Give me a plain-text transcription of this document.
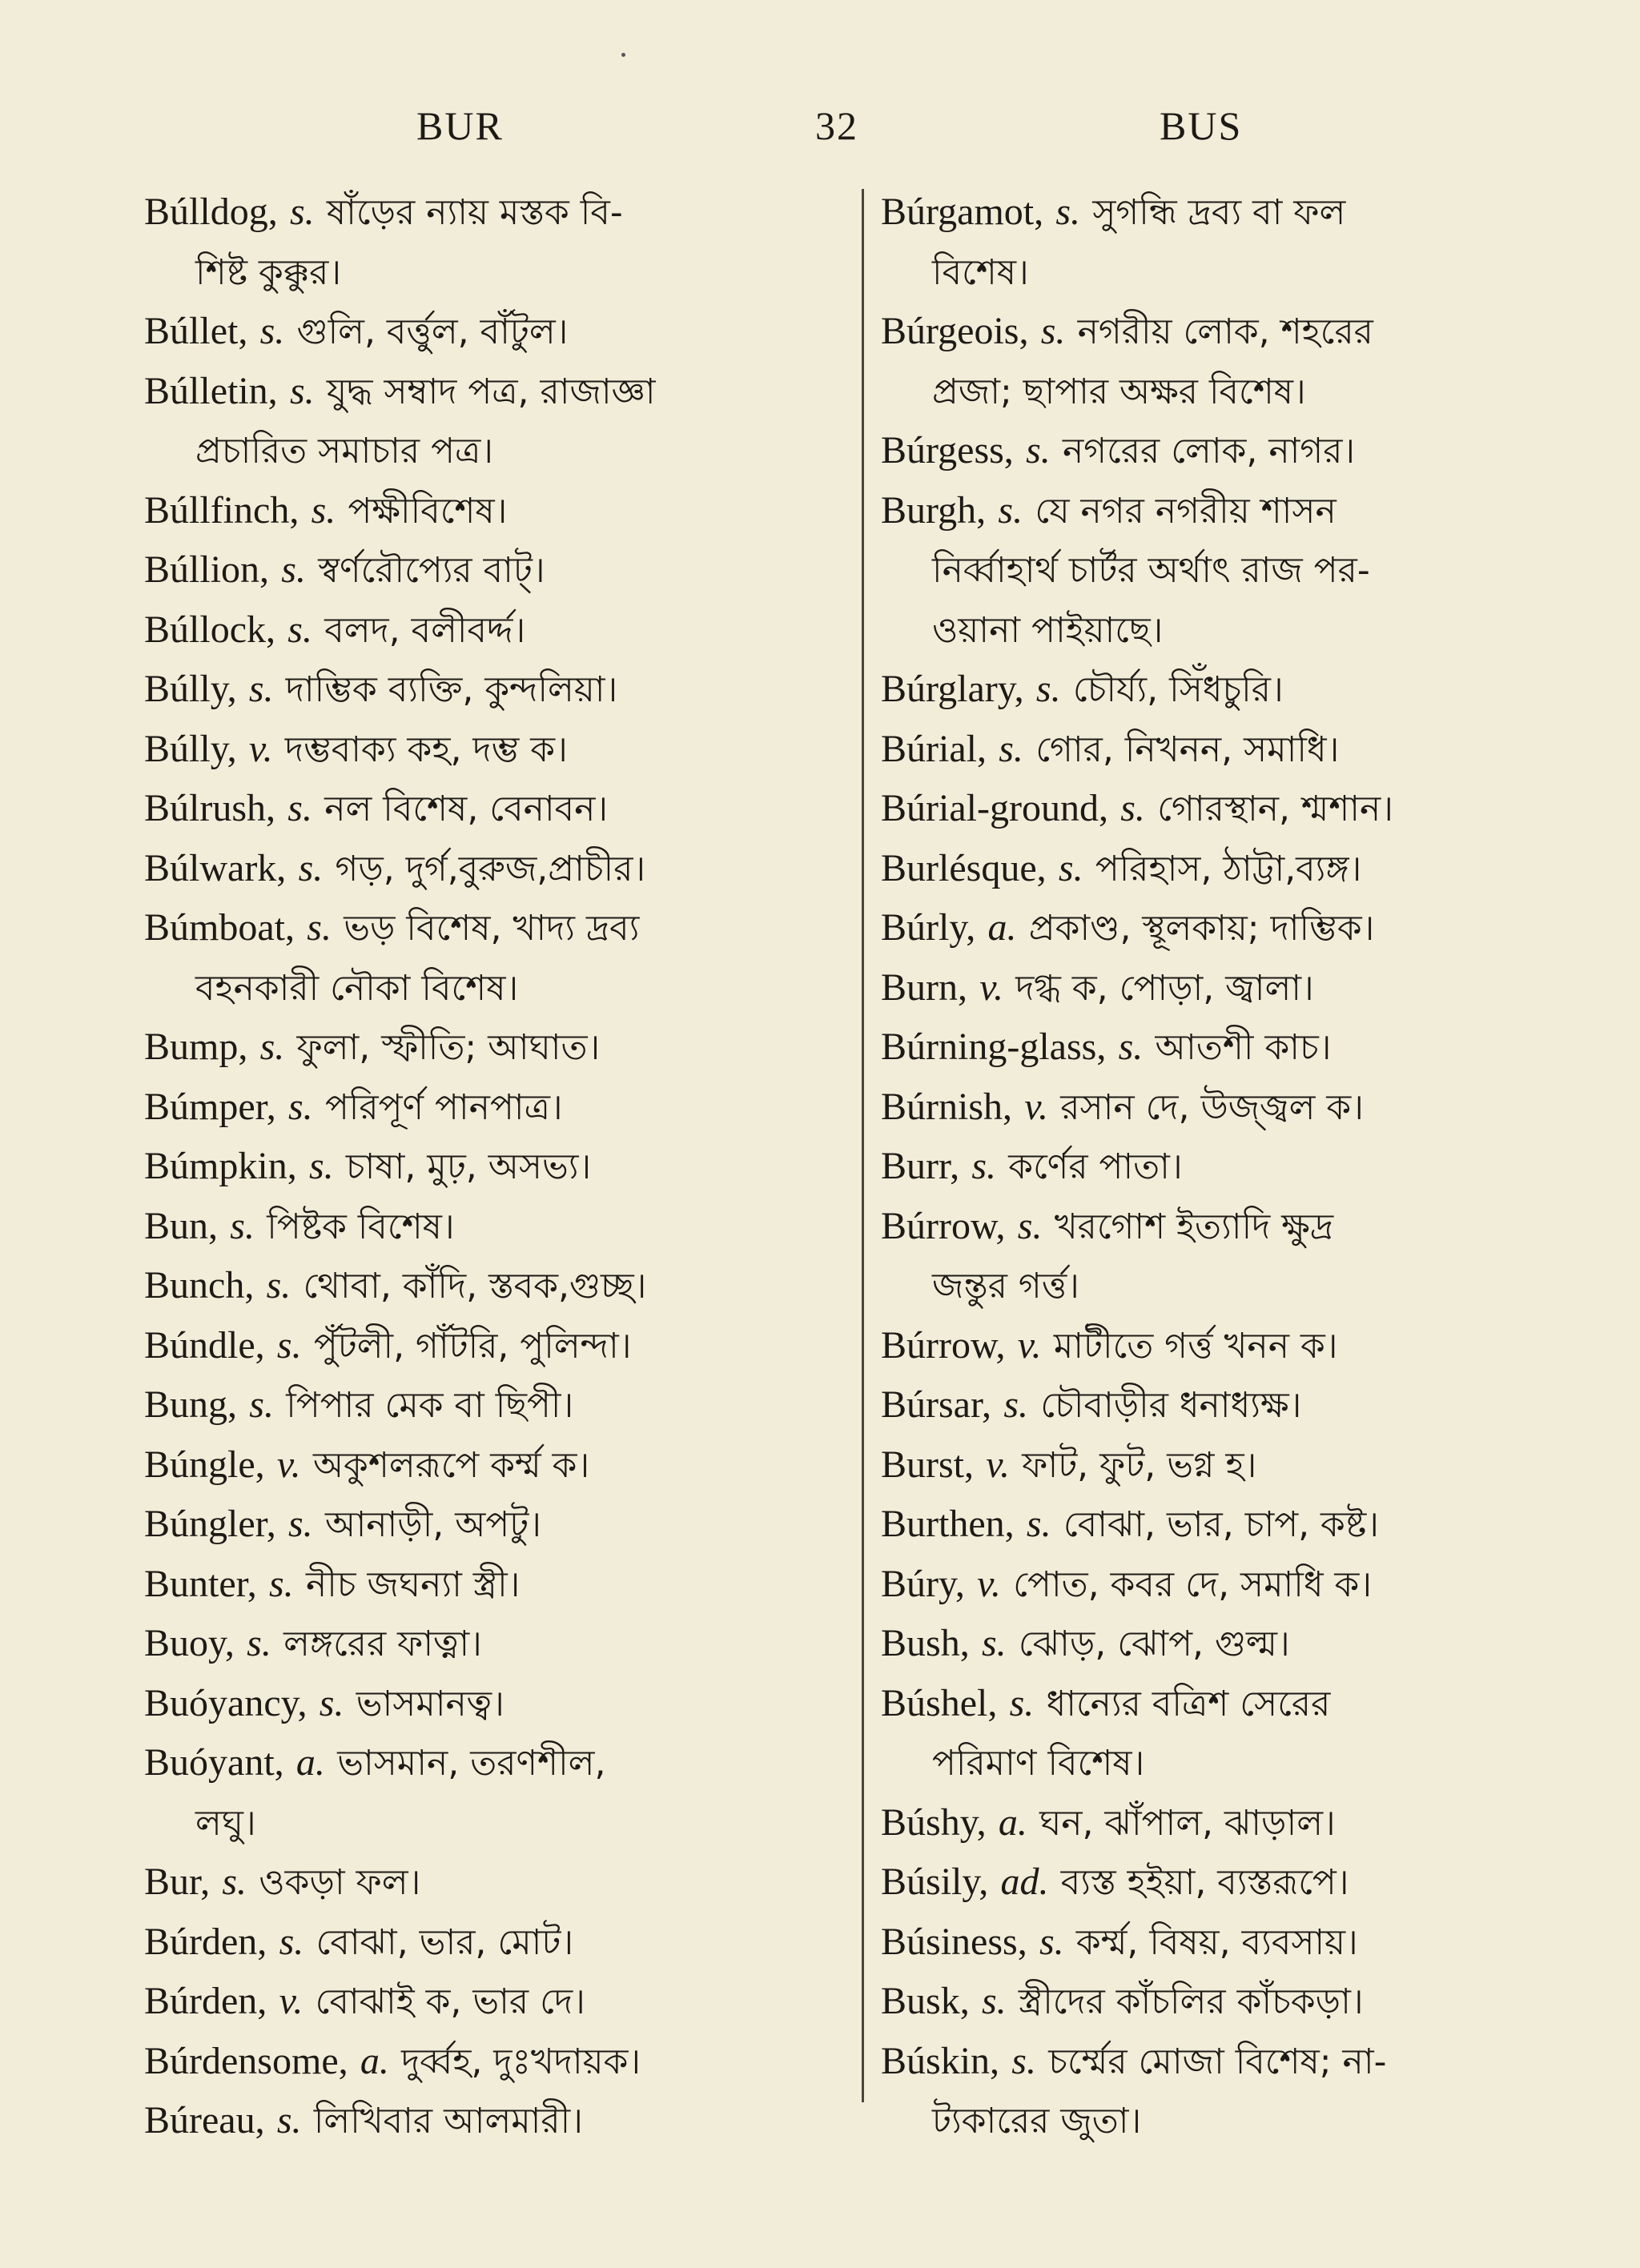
BUR	32	BUS
Búlldog, s. ষাঁড়ের ন্যায় মস্তক বি-
শিষ্ট কুক্কুর।
Búllet, s. গুলি, বর্ত্তুল, বাঁটুল।
Búlletin, s. যুদ্ধ সম্বাদ পত্র, রাজাজ্ঞা
প্রচারিত সমাচার পত্র।
Búllfinch, s. পক্ষীবিশেষ।
Búllion, s. স্বর্ণরৌপ্যের বাট্।
Búllock, s. বলদ, বলীবর্দ্দ।
Búlly, s. দাম্ভিক ব্যক্তি, কুন্দলিয়া।
Búlly, v. দম্ভবাক্য কহ, দম্ভ ক।
Búlrush, s. নল বিশেষ, বেনাবন।
Búlwark, s. গড়, দুর্গ,বুরুজ,প্রাচীর।
Búmboat, s. ভড় বিশেষ, খাদ্য দ্রব্য
বহনকারী নৌকা বিশেষ।
Bump, s. ফুলা, স্ফীতি; আঘাত।
Búmper, s. পরিপূর্ণ পানপাত্র।
Búmpkin, s. চাষা, মুঢ়, অসভ্য।
Bun, s. পিষ্টক বিশেষ।
Bunch, s. থোবা, কাঁদি, স্তবক,গুচ্ছ।
Búndle, s. পুঁটলী, গাঁটরি, পুলিন্দা।
Bung, s. পিপার মেক বা ছিপী।
Búngle, v. অকুশলরূপে কর্ম্ম ক।
Búngler, s. আনাড়ী, অপটু।
Bunter, s. নীচ জঘন্যা স্ত্রী।
Buoy, s. লঙ্গরের ফাত্না।
Buóyancy, s. ভাসমানত্ব।
Buóyant, a. ভাসমান, তরণশীল,
লঘু।
Bur, s. ওকড়া ফল।
Búrden, s. বোঝা, ভার, মোট।
Búrden, v. বোঝাই ক, ভার দে।
Búrdensome, a. দুর্ব্বহ, দুঃখদায়ক।
Búreau, s. লিখিবার আলমারী।
Búrgamot, s. সুগন্ধি দ্রব্য বা ফল
বিশেষ।
Búrgeois, s. নগরীয় লোক, শহরের
প্রজা; ছাপার অক্ষর বিশেষ।
Búrgess, s. নগরের লোক, নাগর।
Burgh, s. যে নগর নগরীয় শাসন
নির্ব্বাহার্থ চার্টর অর্থাৎ রাজ পর-
ওয়ানা পাইয়াছে।
Búrglary, s. চৌর্য্য, সিঁধচুরি।
Búrial, s. গোর, নিখনন, সমাধি।
Búrial-ground, s. গোরস্থান, শ্মশান।
Burlésque, s. পরিহাস, ঠাট্টা,ব্যঙ্গ।
Búrly, a. প্রকাণ্ড, স্থূলকায়; দাম্ভিক।
Burn, v. দগ্ধ ক, পোড়া, জ্বালা।
Búrning-glass, s. আতশী কাচ।
Búrnish, v. রসান দে, উজ্জ্বল ক।
Burr, s. কর্ণের পাতা।
Búrrow, s. খরগোশ ইত্যাদি ক্ষুদ্র
জন্তুর গর্ত্ত।
Búrrow, v. মাটীতে গর্ত্ত খনন ক।
Búrsar, s. চৌবাড়ীর ধনাধ্যক্ষ।
Burst, v. ফাট, ফুট, ভগ্ন হ।
Burthen, s. বোঝা, ভার, চাপ, কষ্ট।
Búry, v. পোত, কবর দে, সমাধি ক।
Bush, s. ঝোড়, ঝোপ, গুল্ম।
Búshel, s. ধান্যের বত্রিশ সেরের
পরিমাণ বিশেষ।
Búshy, a. ঘন, ঝাঁপাল, ঝাড়াল।
Búsily, ad. ব্যস্ত হইয়া, ব্যস্তরূপে।
Búsiness, s. কর্ম্ম, বিষয়, ব্যবসায়।
Busk, s. স্ত্রীদের কাঁচলির কাঁচকড়া।
Búskin, s. চর্ম্মের মোজা বিশেষ; না-
ট্যকারের জুতা।
